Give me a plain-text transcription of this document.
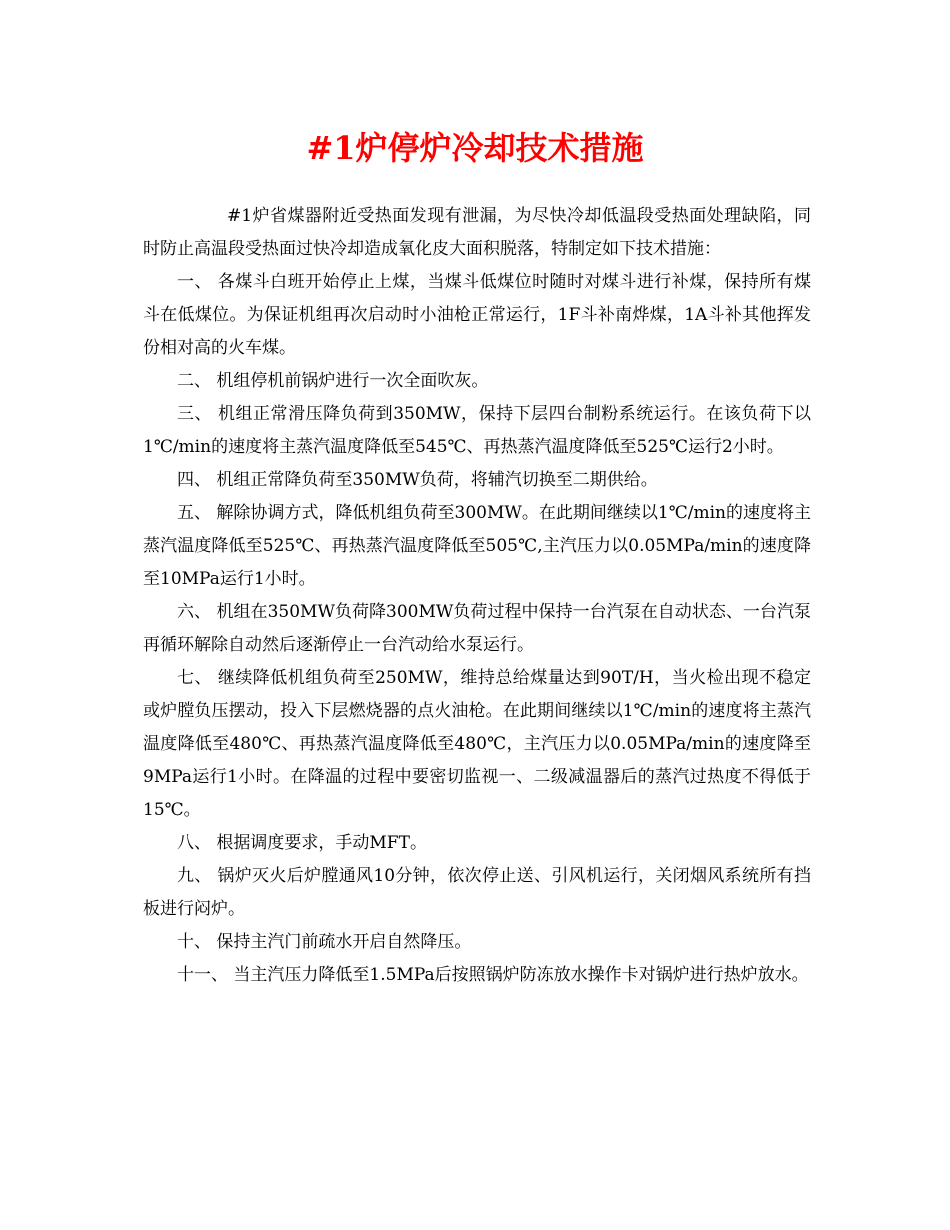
#1炉停炉冷却技术措施

#1炉省煤器附近受热面发现有泄漏，为尽快冷却低温段受热面处理缺陷，同时防止高温段受热面过快冷却造成氧化皮大面积脱落，特制定如下技术措施：

一、 各煤斗白班开始停止上煤，当煤斗低煤位时随时对煤斗进行补煤，保持所有煤斗在低煤位。为保证机组再次启动时小油枪正常运行，1F斗补南烨煤，1A斗补其他挥发份相对高的火车煤。

二、 机组停机前锅炉进行一次全面吹灰。

三、 机组正常滑压降负荷到350MW，保持下层四台制粉系统运行。在该负荷下以1℃/min的速度将主蒸汽温度降低至545℃、再热蒸汽温度降低至525℃运行2小时。

四、 机组正常降负荷至350MW负荷，将辅汽切换至二期供给。

五、 解除协调方式，降低机组负荷至300MW。在此期间继续以1℃/min的速度将主蒸汽温度降低至525℃、再热蒸汽温度降低至505℃,主汽压力以0.05MPa/min的速度降至10MPa运行1小时。

六、 机组在350MW负荷降300MW负荷过程中保持一台汽泵在自动状态、一台汽泵再循环解除自动然后逐渐停止一台汽动给水泵运行。

七、 继续降低机组负荷至250MW，维持总给煤量达到90T/H，当火检出现不稳定或炉膛负压摆动，投入下层燃烧器的点火油枪。在此期间继续以1℃/min的速度将主蒸汽温度降低至480℃、再热蒸汽温度降低至480℃，主汽压力以0.05MPa/min的速度降至9MPa运行1小时。在降温的过程中要密切监视一、二级减温器后的蒸汽过热度不得低于15℃。

八、 根据调度要求，手动MFT。

九、 锅炉灭火后炉膛通风10分钟，依次停止送、引风机运行，关闭烟风系统所有挡板进行闷炉。

十、 保持主汽门前疏水开启自然降压。

十一、 当主汽压力降低至1.5MPa后按照锅炉防冻放水操作卡对锅炉进行热炉放水。
